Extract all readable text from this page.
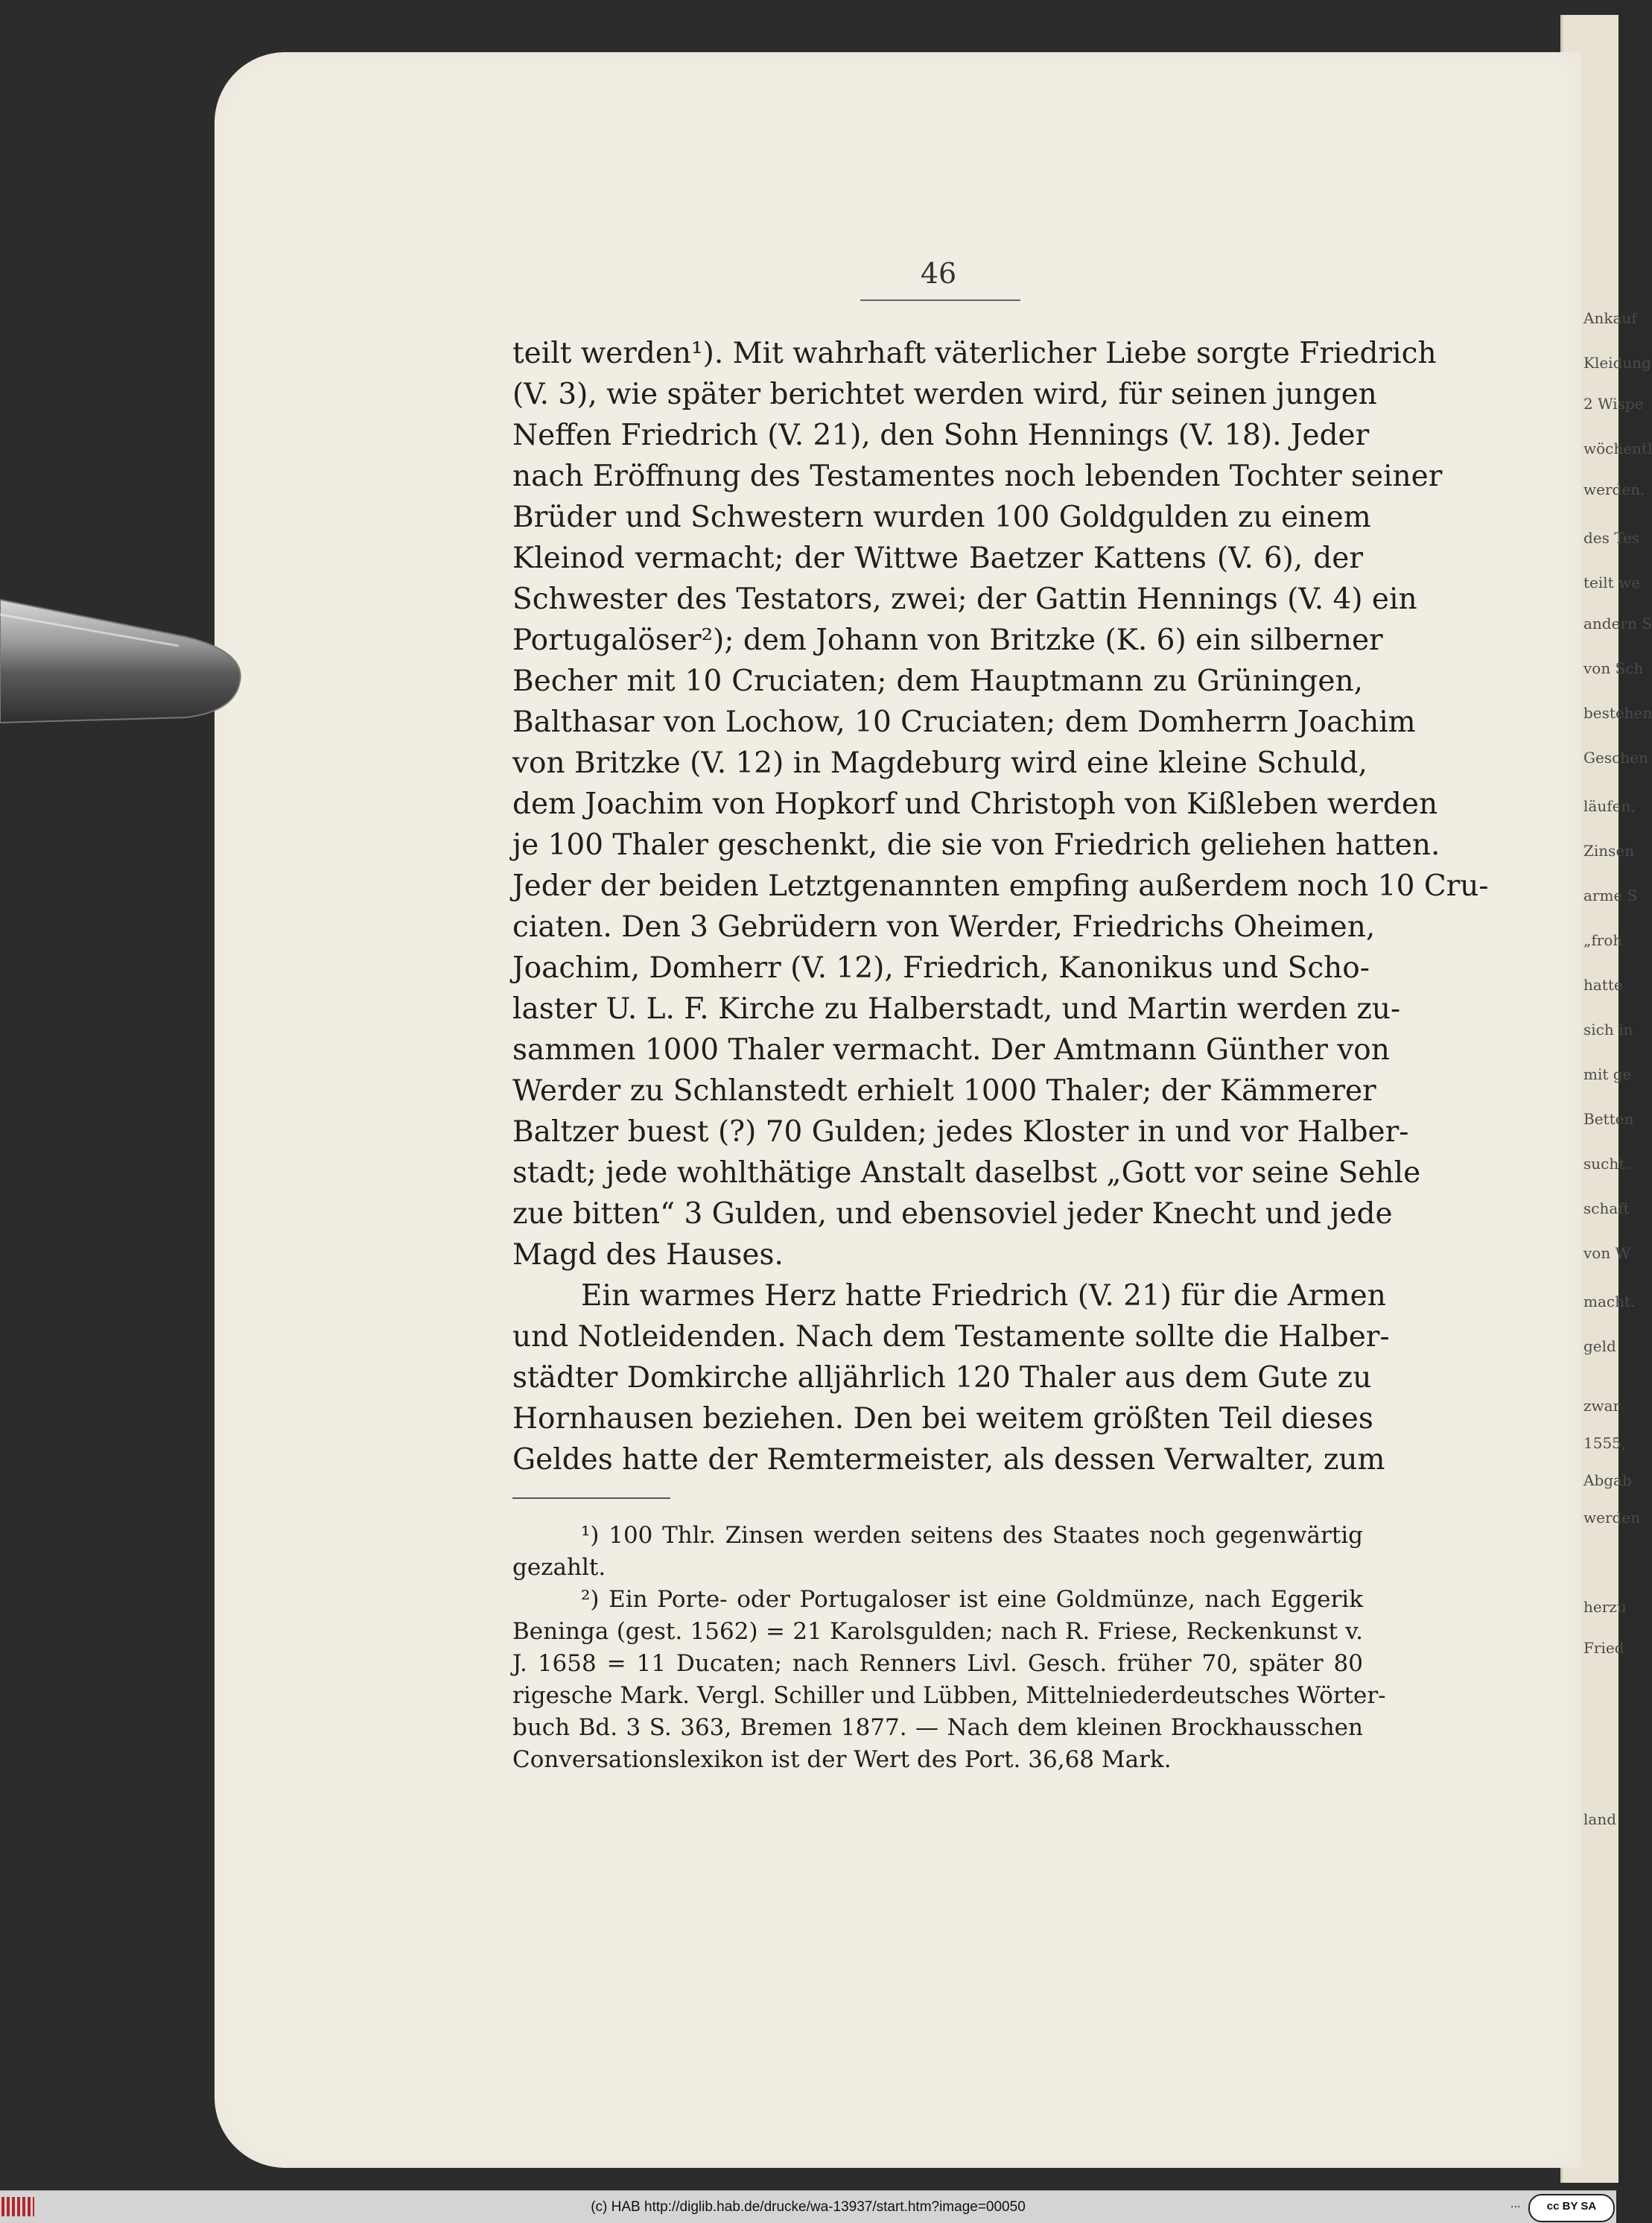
Ankauf
Kleidung
2 Wispe
wöchentl
werden.
des Tes
teilt we
andern S
von Sch
bestehen
Geschen
läufen,
Zinsen
arme S
„froh
hatte
sich in
mit ge
Betten
sucht.
schaft
von W
macht.
geld
zwar
1555,
Abgab
werden
herzu
Fried
land
46
teilt werden¹). Mit wahrhaft väterlicher Liebe sorgte Friedrich
(V. 3), wie später berichtet werden wird, für seinen jungen
Neffen Friedrich (V. 21), den Sohn Hennings (V. 18). Jeder
nach Eröffnung des Testamentes noch lebenden Tochter seiner
Brüder und Schwestern wurden 100 Goldgulden zu einem
Kleinod vermacht; der Wittwe Baetzer Kattens (V. 6), der
Schwester des Testators, zwei; der Gattin Hennings (V. 4) ein
Portugalöser²); dem Johann von Britzke (K. 6) ein silberner
Becher mit 10 Cruciaten; dem Hauptmann zu Grüningen,
Balthasar von Lochow, 10 Cruciaten; dem Domherrn Joachim
von Britzke (V. 12) in Magdeburg wird eine kleine Schuld,
dem Joachim von Hopkorf und Christoph von Kißleben werden
je 100 Thaler geschenkt, die sie von Friedrich geliehen hatten.
Jeder der beiden Letztgenannten empfing außerdem noch 10 Cru-
ciaten. Den 3 Gebrüdern von Werder, Friedrichs Oheimen,
Joachim, Domherr (V. 12), Friedrich, Kanonikus und Scho-
laster U. L. F. Kirche zu Halberstadt, und Martin werden zu-
sammen 1000 Thaler vermacht. Der Amtmann Günther von
Werder zu Schlanstedt erhielt 1000 Thaler; der Kämmerer
Baltzer buest (?) 70 Gulden; jedes Kloster in und vor Halber-
stadt; jede wohlthätige Anstalt daselbst „Gott vor seine Sehle
zue bitten“ 3 Gulden, und ebensoviel jeder Knecht und jede
Magd des Hauses.
Ein warmes Herz hatte Friedrich (V. 21) für die Armen
und Notleidenden. Nach dem Testamente sollte die Halber-
städter Domkirche alljährlich 120 Thaler aus dem Gute zu
Hornhausen beziehen. Den bei weitem größten Teil dieses
Geldes hatte der Remtermeister, als dessen Verwalter, zum
¹) 100 Thlr. Zinsen werden seitens des Staates noch gegenwärtig
gezahlt.
²) Ein Porte- oder Portugaloser ist eine Goldmünze, nach Eggerik
Beninga (gest. 1562) = 21 Karolsgulden; nach R. Friese, Reckenkunst v.
J. 1658 = 11 Ducaten; nach Renners Livl. Gesch. früher 70, später 80
rigesche Mark. Vergl. Schiller und Lübben, Mittelniederdeutsches Wörter-
buch Bd. 3 S. 363, Bremen 1877. — Nach dem kleinen Brockhausschen
Conversationslexikon ist der Wert des Port. 36,68 Mark.
(c) HAB http://diglib.hab.de/drucke/wa-13937/start.htm?image=00050	...	cc BY SA
